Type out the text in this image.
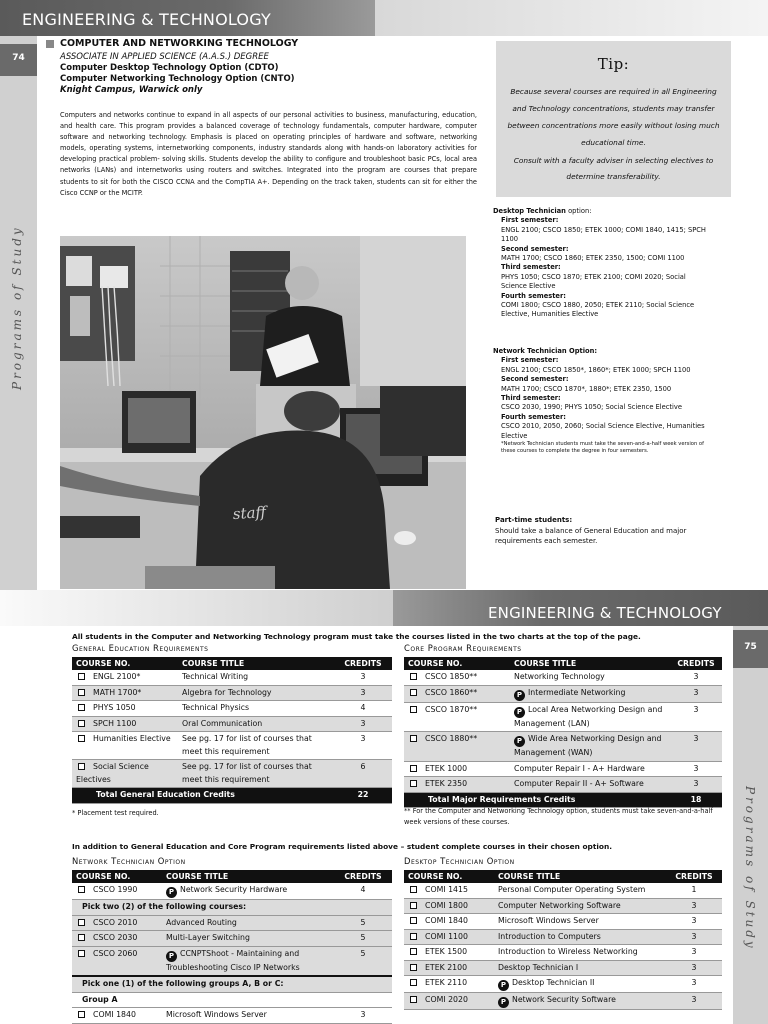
ENGINEERING & TECHNOLOGY
74
Programs of Study
COMPUTER AND NETWORKING TECHNOLOGY
ASSOCIATE IN APPLIED SCIENCE (A.A.S.) DEGREE
Computer Desktop Technology Option (CDTO)
Computer Networking Technology Option (CNTO)
Knight Campus, Warwick only
Computers and networks continue to expand in all aspects of our personal activities to business, manufacturing, education, and health care. This program provides a balanced coverage of technology fundamentals, computer hardware, computer software and networking technology. Emphasis is placed on operating principles of hardware and software, networking models, operating systems, internetworking components, industry standards along with hands-on laboratory activities for developing practical problem- solving skills. Students develop the ability to configure and troubleshoot basic PCs, local area networks (LANs) and internetworks using routers and switches. Integrated into the program are courses that prepare students to sit for both the CISCO CCNA and the CompTIA A+. Depending on the track taken, students can sit for either the Cisco CCNP or the MCITP.
Tip:
Because several courses are required in all Engineering and Technology concentrations, students may transfer between concentrations more easily without losing much educational time.
Consult with a faculty adviser in selecting electives to determine transferability.
staff
Desktop Technician option:
First semester:
ENGL 2100; CSCO 1850; ETEK 1000; COMI 1840, 1415; SPCH 1100
Second semester:
MATH 1700; CSCO 1860; ETEK 2350, 1500; COMI 1100
Third semester:
PHYS 1050; CSCO 1870; ETEK 2100; COMI 2020; Social Science Elective
Fourth semester:
COMI 1800; CSCO 1880, 2050; ETEK 2110; Social Science Elective, Humanities Elective
Network Technician Option:
First semester:
ENGL 2100; CSCO 1850*, 1860*; ETEK 1000; SPCH 1100
Second semester:
MATH 1700; CSCO 1870*, 1880*; ETEK 2350, 1500
Third semester:
CSCO 2030, 1990; PHYS 1050; Social Science Elective
Fourth semester:
CSCO 2010, 2050, 2060; Social Science Elective, Humanities Elective
*Network Technician students must take the seven-and-a-half week version of these courses to complete the degree in four semesters.
Part-time students:
Should take a balance of General Education and major requirements each semester.
ENGINEERING & TECHNOLOGY
75
Programs of Study
All students in the Computer and Networking Technology program must take the courses listed in the two charts at the top of the page.
General Education Requirements
COURSE NO.	COURSE TITLE	CREDITS
ENGL 2100*	Technical Writing	3
MATH 1700*	Algebra for Technology	3
PHYS 1050	Technical Physics	4
SPCH 1100	Oral Communication	3
Humanities Elective	See pg. 17 for list of courses that meet this requirement	3
Social Science Electives	See pg. 17 for list of courses that meet this requirement	6
Total General Education Credits		22
* Placement test required.
Core Program Requirements
COURSE NO.	COURSE TITLE	CREDITS
CSCO 1850**	Networking Technology	3
CSCO 1860**	P Intermediate Networking	3
CSCO 1870**	P Local Area Networking Design and Management (LAN)	3
CSCO 1880**	P Wide Area Networking Design and Management (WAN)	3
ETEK 1000	Computer Repair I - A+ Hardware	3
ETEK 2350	Computer Repair II - A+ Software	3
Total Major Requirements Credits		18
** For the Computer and Networking Technology option, students must take seven-and-a-half week versions of these courses.
In addition to General Education and Core Program requirements listed above – student complete courses in their chosen option.
Network Technician Option
COURSE NO.	COURSE TITLE	CREDITS
CSCO 1990	P Network Security Hardware	4
Pick two (2) of the following courses:		
CSCO 2010	Advanced Routing	5
CSCO 2030	Multi-Layer Switching	5
CSCO 2060	P CCNPTShoot - Maintaining and Troubleshooting Cisco IP Networks	5
Pick one (1) of the following groups A, B or C:		
Group A		
COMI 1840	Microsoft Windows Server	3
Desktop Technician Option
COURSE NO.	COURSE TITLE	CREDITS
COMI 1415	Personal Computer Operating System	1
COMI 1800	Computer Networking Software	3
COMI 1840	Microsoft Windows Server	3
COMI 1100	Introduction to Computers	3
ETEK 1500	Introduction to Wireless Networking	3
ETEK 2100	Desktop Technician I	3
ETEK 2110	P Desktop Technician II	3
COMI 2020	P Network Security Software	3
